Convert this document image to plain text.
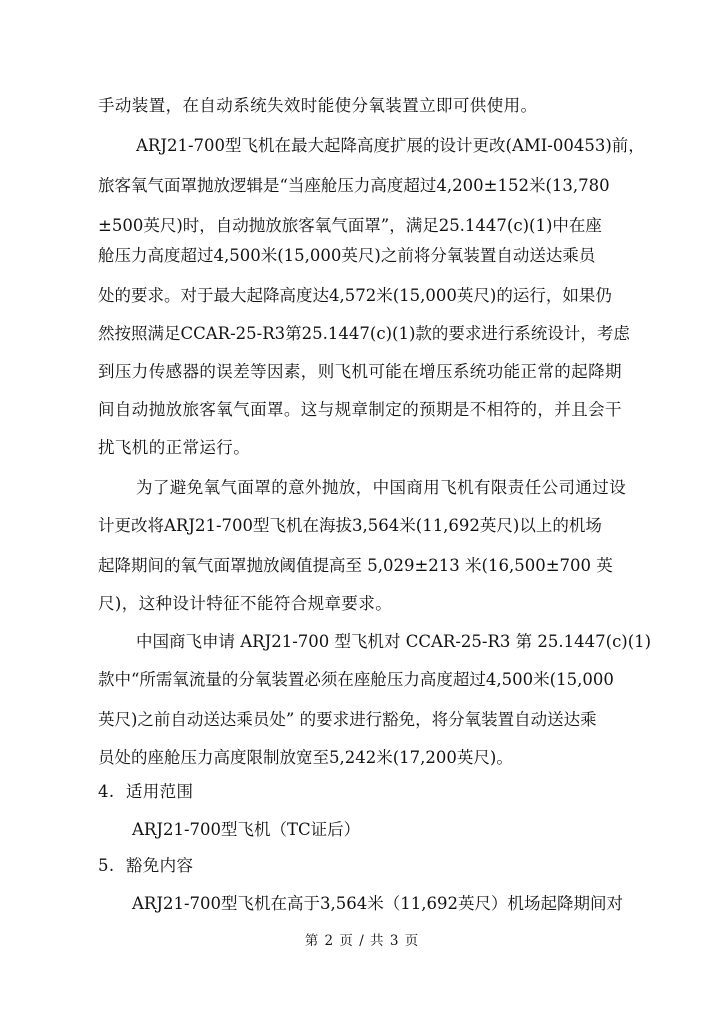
手动装置，在自动系统失效时能使分氧装置立即可供使用。

ARJ21-700型飞机在最大起降高度扩展的设计更改(AMI-00453)前，

旅客氧气面罩抛放逻辑是“当座舱压力高度超过4,200±152米(13,780

±500英尺)时，自动抛放旅客氧气面罩”，满足25.1447(c)(1)中在座

舱压力高度超过4,500米(15,000英尺)之前将分氧装置自动送达乘员

处的要求。对于最大起降高度达4,572米(15,000英尺)的运行，如果仍

然按照满足CCAR-25-R3第25.1447(c)(1)款的要求进行系统设计，考虑

到压力传感器的误差等因素，则飞机可能在增压系统功能正常的起降期

间自动抛放旅客氧气面罩。这与规章制定的预期是不相符的，并且会干

扰飞机的正常运行。

为了避免氧气面罩的意外抛放，中国商用飞机有限责任公司通过设

计更改将ARJ21-700型飞机在海拔3,564米(11,692英尺)以上的机场

起降期间的氧气面罩抛放阈值提高至 5,029±213 米(16,500±700 英

尺)，这种设计特征不能符合规章要求。

中国商飞申请 ARJ21-700 型飞机对 CCAR-25-R3 第 25.1447(c)(1)

款中“所需氧流量的分氧装置必须在座舱压力高度超过4,500米(15,000

英尺)之前自动送达乘员处” 的要求进行豁免，将分氧装置自动送达乘

员处的座舱压力高度限制放宽至5,242米(17,200英尺)。

4.  适用范围

ARJ21-700型飞机（TC证后）

5.  豁免内容

ARJ21-700型飞机在高于3,564米（11,692英尺）机场起降期间对

第 2 页 / 共 3 页
